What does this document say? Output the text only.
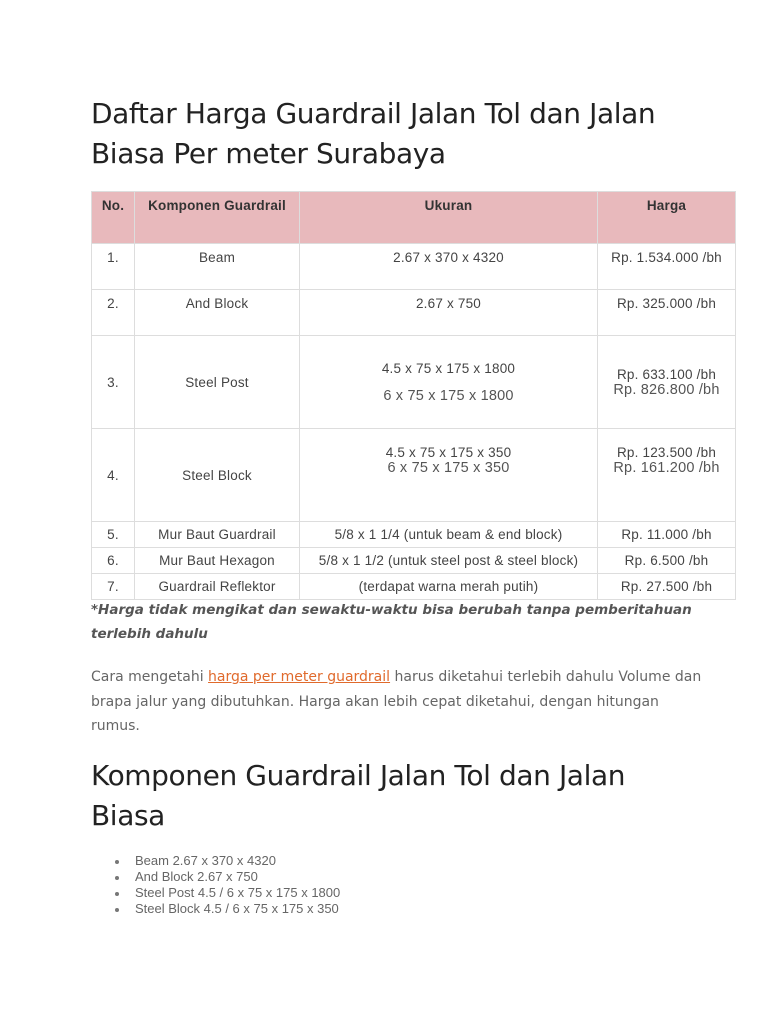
Daftar Harga Guardrail Jalan Tol dan Jalan Biasa Per meter Surabaya
No.	Komponen Guardrail	Ukuran	Harga
1.	Beam	2.67 x 370 x 4320	Rp. 1.534.000 /bh
2.	And Block	2.67 x 750	Rp. 325.000 /bh
3.	Steel Post	4.5 x 75 x 175 x 1800
6 x 75 x 175 x 1800	Rp. 633.100 /bh
Rp. 826.800 /bh

4.	Steel Block	4.5 x 75 x 175 x 350
6 x 75 x 175 x 350	Rp. 123.500 /bh
Rp. 161.200 /bh

5.	Mur Baut Guardrail	5/8 x 1 1/4 (untuk beam & end block)	Rp. 11.000 /bh
6.	Mur Baut Hexagon	5/8 x 1 1/2 (untuk steel post & steel block)	Rp. 6.500 /bh
7.	Guardrail Reflektor	(terdapat warna merah putih)	Rp. 27.500 /bh

*Harga tidak mengikat dan sewaktu-waktu bisa berubah tanpa pemberitahuan terlebih dahulu

Cara mengetahi harga per meter guardrail harus diketahui terlebih dahulu Volume dan brapa jalur yang dibutuhkan. Harga akan lebih cepat diketahui, dengan hitungan rumus.

Komponen Guardrail Jalan Tol dan Jalan Biasa
Beam 2.67 x 370 x 4320
And Block 2.67 x 750
Steel Post 4.5 / 6 x 75 x 175 x 1800
Steel Block 4.5 / 6 x 75 x 175 x 350
